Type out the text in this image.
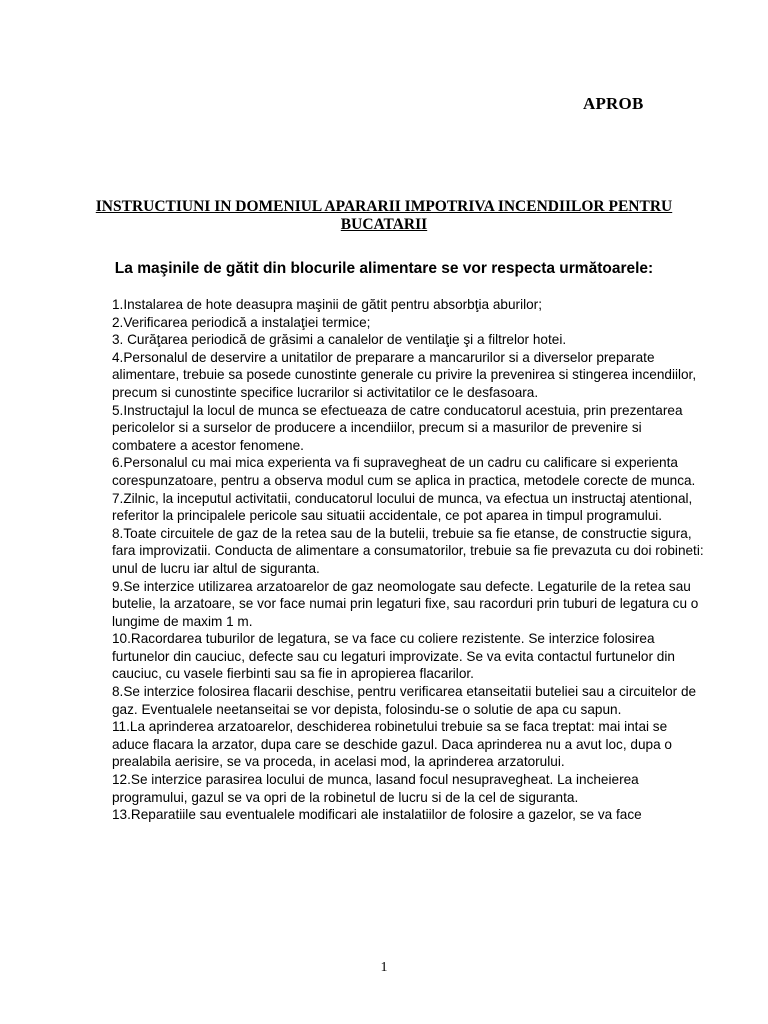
APROB
INSTRUCTIUNI IN DOMENIUL APARARII IMPOTRIVA INCENDIILOR PENTRU
BUCATARII
La maşinile de gătit din blocurile alimentare se vor respecta următoarele:
1.Instalarea de hote deasupra maşinii de gătit pentru absorbţia aburilor;
2.Verificarea periodică a instalaţiei termice;
3. Curăţarea periodică de grăsimi a canalelor de ventilaţie şi a filtrelor hotei.
4.Personalul de deservire a unitatilor de preparare a mancarurilor si a diverselor preparate alimentare, trebuie sa posede cunostinte generale cu privire la prevenirea si stingerea incendiilor, precum si cunostinte specifice lucrarilor si activitatilor ce le desfasoara.
5.Instructajul la locul de munca se efectueaza de catre conducatorul acestuia, prin prezentarea pericolelor si a surselor de producere a incendiilor, precum si a masurilor de prevenire si combatere a acestor fenomene.
6.Personalul cu mai mica experienta va fi supravegheat de un cadru cu calificare si experienta corespunzatoare, pentru a observa modul cum se aplica in practica, metodele corecte de munca.
7.Zilnic, la inceputul activitatii, conducatorul locului de munca, va efectua un instructaj atentional, referitor la principalele pericole sau situatii accidentale, ce pot aparea in timpul programului.
8.Toate circuitele de gaz de la retea sau de la butelii, trebuie sa fie etanse, de constructie sigura, fara improvizatii. Conducta de alimentare a consumatorilor, trebuie sa fie prevazuta cu doi robineti: unul de lucru iar altul de siguranta.
9.Se interzice utilizarea arzatoarelor de gaz neomologate sau defecte. Legaturile de la retea sau butelie, la arzatoare, se vor face numai prin legaturi fixe, sau racorduri prin tuburi de legatura cu o lungime de maxim 1 m.
10.Racordarea tuburilor de legatura, se va face cu coliere rezistente. Se interzice folosirea furtunelor din cauciuc, defecte sau cu legaturi improvizate. Se va evita contactul furtunelor din cauciuc, cu vasele fierbinti sau sa fie in apropierea flacarilor.
8.Se interzice folosirea flacarii deschise, pentru verificarea etanseitatii buteliei sau a circuitelor de gaz. Eventualele neetanseitai se vor depista, folosindu-se o solutie de apa cu sapun.
11.La aprinderea arzatoarelor, deschiderea robinetului trebuie sa se faca treptat: mai intai se aduce flacara la arzator, dupa care se deschide gazul. Daca aprinderea nu a avut loc, dupa o prealabila aerisire, se va proceda, in acelasi mod, la aprinderea arzatorului.
12.Se interzice parasirea locului de munca, lasand focul nesupravegheat. La incheierea programului, gazul se va opri de la robinetul de lucru si de la cel de siguranta.
13.Reparatiile sau eventualele modificari ale instalatiilor de folosire a gazelor, se va face
1
